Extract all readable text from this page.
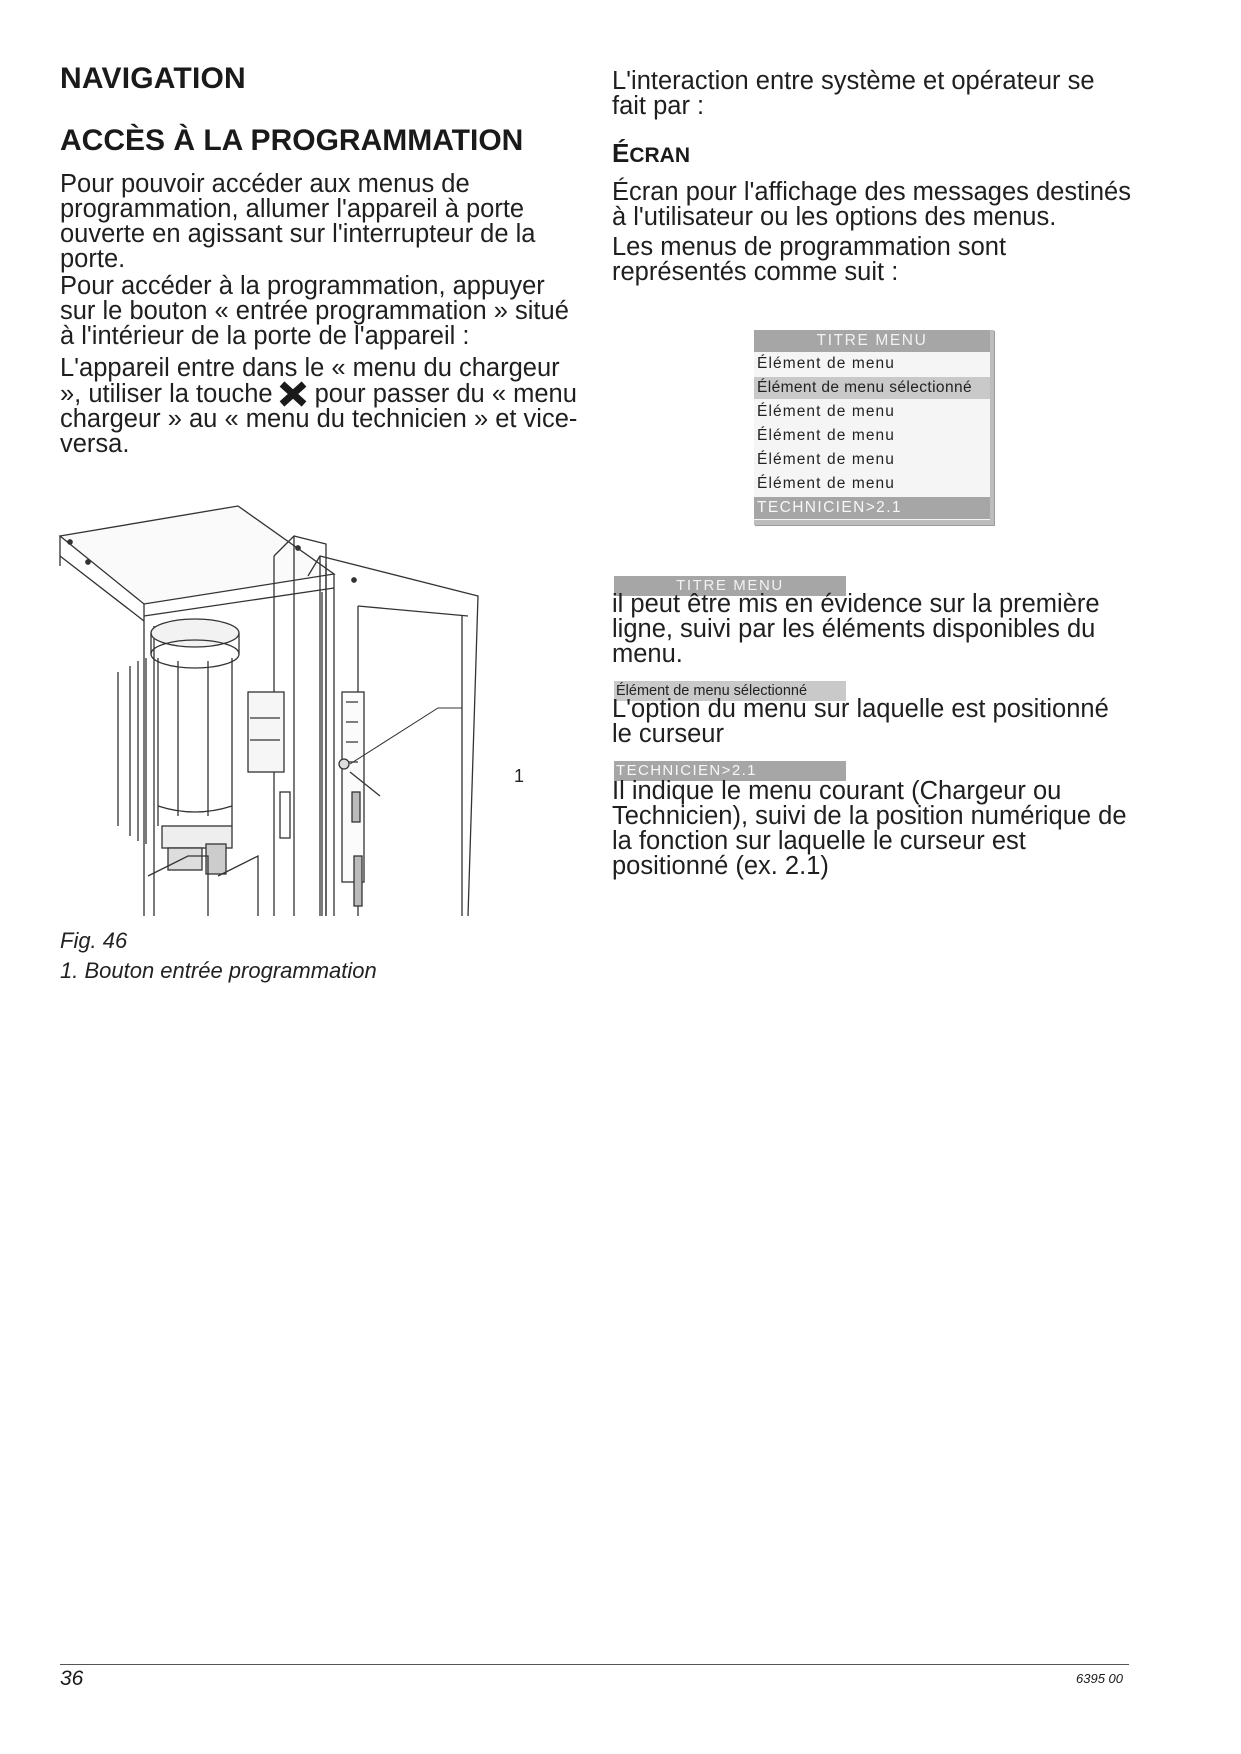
NAVIGATION
ACCÈS À LA PROGRAMMATION

Pour pouvoir accéder aux menus de programmation, allumer l'appareil à porte ouverte en agissant sur l'interrupteur de la porte.

Pour accéder à la programmation, appuyer sur le bouton « entrée programmation » situé à l'intérieur de la porte de l'appareil :

L'appareil entre dans le « menu du chargeur », utiliser la touche pour passer du « menu chargeur » au « menu du technicien » et vice-versa.

1

Fig. 46

1. Bouton entrée programmation

L'interaction entre système et opérateur se fait par :

ÉCRAN

Écran pour l'affichage des messages destinés à l'utilisateur ou les options des menus.

Les menus de programmation sont représentés comme suit :

TITRE MENU
Élément de menu
Élément de menu sélectionné
Élément de menu
Élément de menu
Élément de menu
Élément de menu
TECHNICIEN>2.1
TITRE MENU

il peut être mis en évidence sur la première ligne, suivi par les éléments disponibles du menu.

Élément de menu sélectionné

L'option du menu sur laquelle est positionné le curseur

TECHNICIEN>2.1

Il indique le menu courant (Chargeur ou Technicien), suivi de la position numérique de la fonction sur laquelle le curseur est positionné (ex. 2.1)

36	6395 00
